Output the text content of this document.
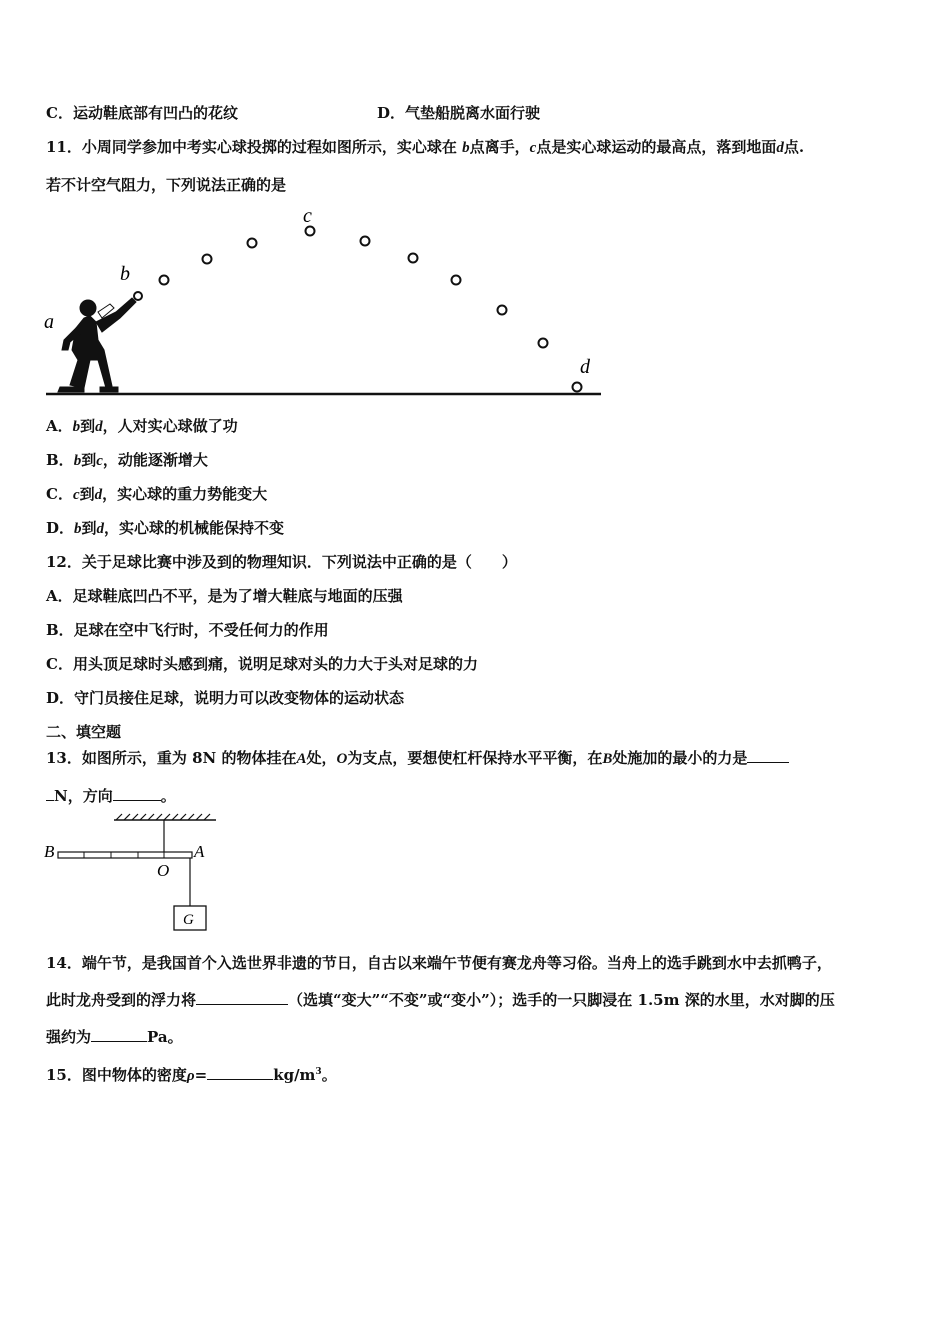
C．运动鞋底部有凹凸的花纹	D．气垫船脱离水面行驶
11．小周同学参加中考实心球投掷的过程如图所示，实心球在 b点离手，c点是实心球运动的最高点，落到地面d点.
若不计空气阻力，下列说法正确的是
a
b
c
d
A．b到d，人对实心球做了功
B．b到c，动能逐渐增大
C．c到d，实心球的重力势能变大
D．b到d，实心球的机械能保持不变
12．关于足球比赛中涉及到的物理知识．下列说法中正确的是（　　）
A．足球鞋底凹凸不平，是为了增大鞋底与地面的压强
B．足球在空中飞行时，不受任何力的作用
C．用头顶足球时头感到痛，说明足球对头的力大于头对足球的力
D．守门员接住足球，说明力可以改变物体的运动状态
二、填空题
13．如图所示，重为 8N 的物体挂在A处，O为支点，要想使杠杆保持水平平衡，在B处施加的最小的力是
N，方向	。
G
B	A
O
14．端午节，是我国首个入选世界非遗的节日，自古以来端午节便有赛龙舟等习俗。当舟上的选手跳到水中去抓鸭子，
此时龙舟受到的浮力将	（选填“变大”“不变”或“变小”）；选手的一只脚浸在 1.5m 深的水里，水对脚的压
强约为	Pa。
15．图中物体的密度ρ=	$kg/m^3$。
